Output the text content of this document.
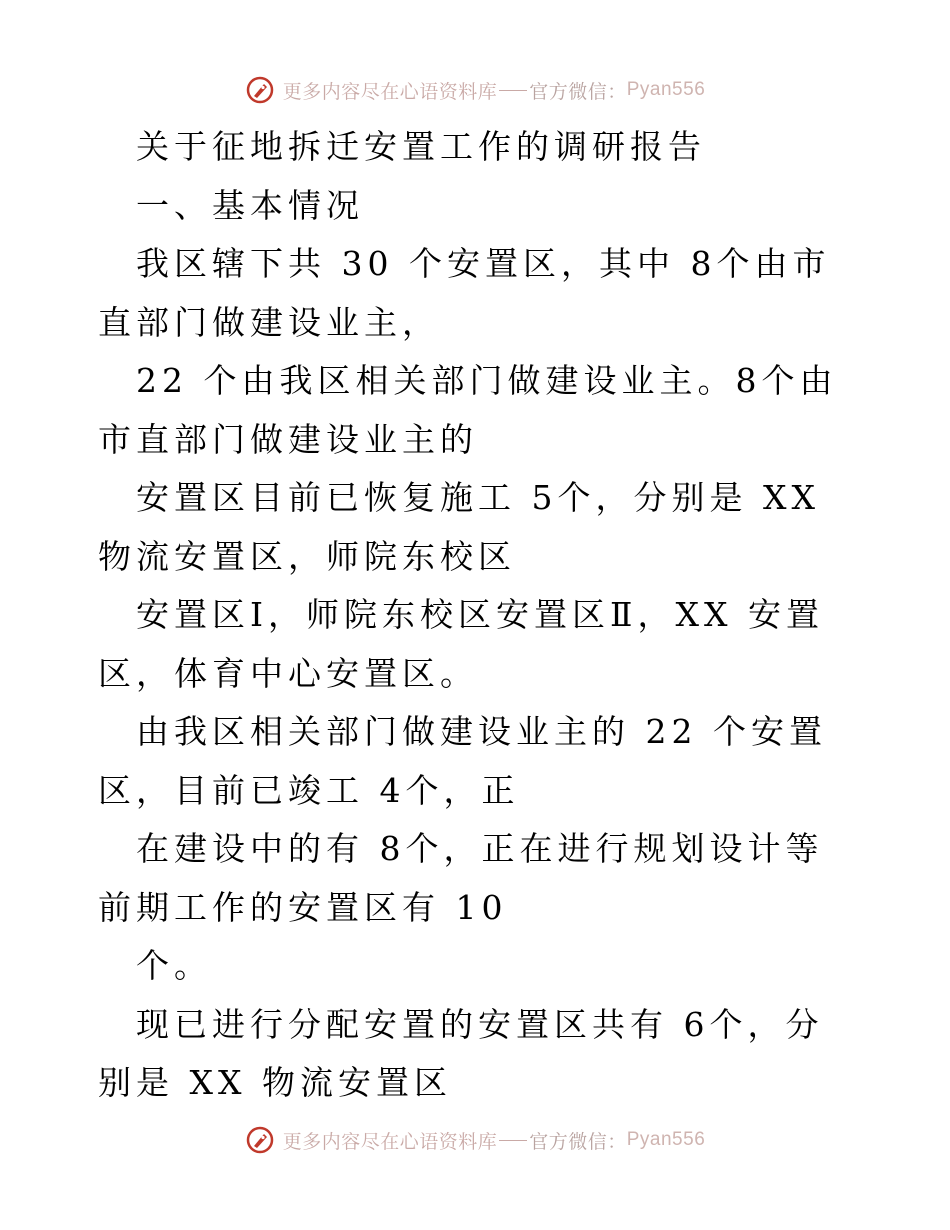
更多内容尽在心语资料库 官方微信： Pyan556

关于征地拆迁安置工作的调研报告

一、基本情况

我区辖下共 30 个安置区，其中 8个由市直部门做建设业主，

22 个由我区相关部门做建设业主。8个由市直部门做建设业主的

安置区目前已恢复施工 5个，分别是 XX 物流安置区，师院东校区

安置区Ⅰ，师院东校区安置区Ⅱ，XX 安置区，体育中心安置区。

由我区相关部门做建设业主的 22 个安置区，目前已竣工 4个，正

在建设中的有 8个，正在进行规划设计等前期工作的安置区有 10

个。

现已进行分配安置的安置区共有 6个，分别是 XX 物流安置区

更多内容尽在心语资料库 官方微信： Pyan556
